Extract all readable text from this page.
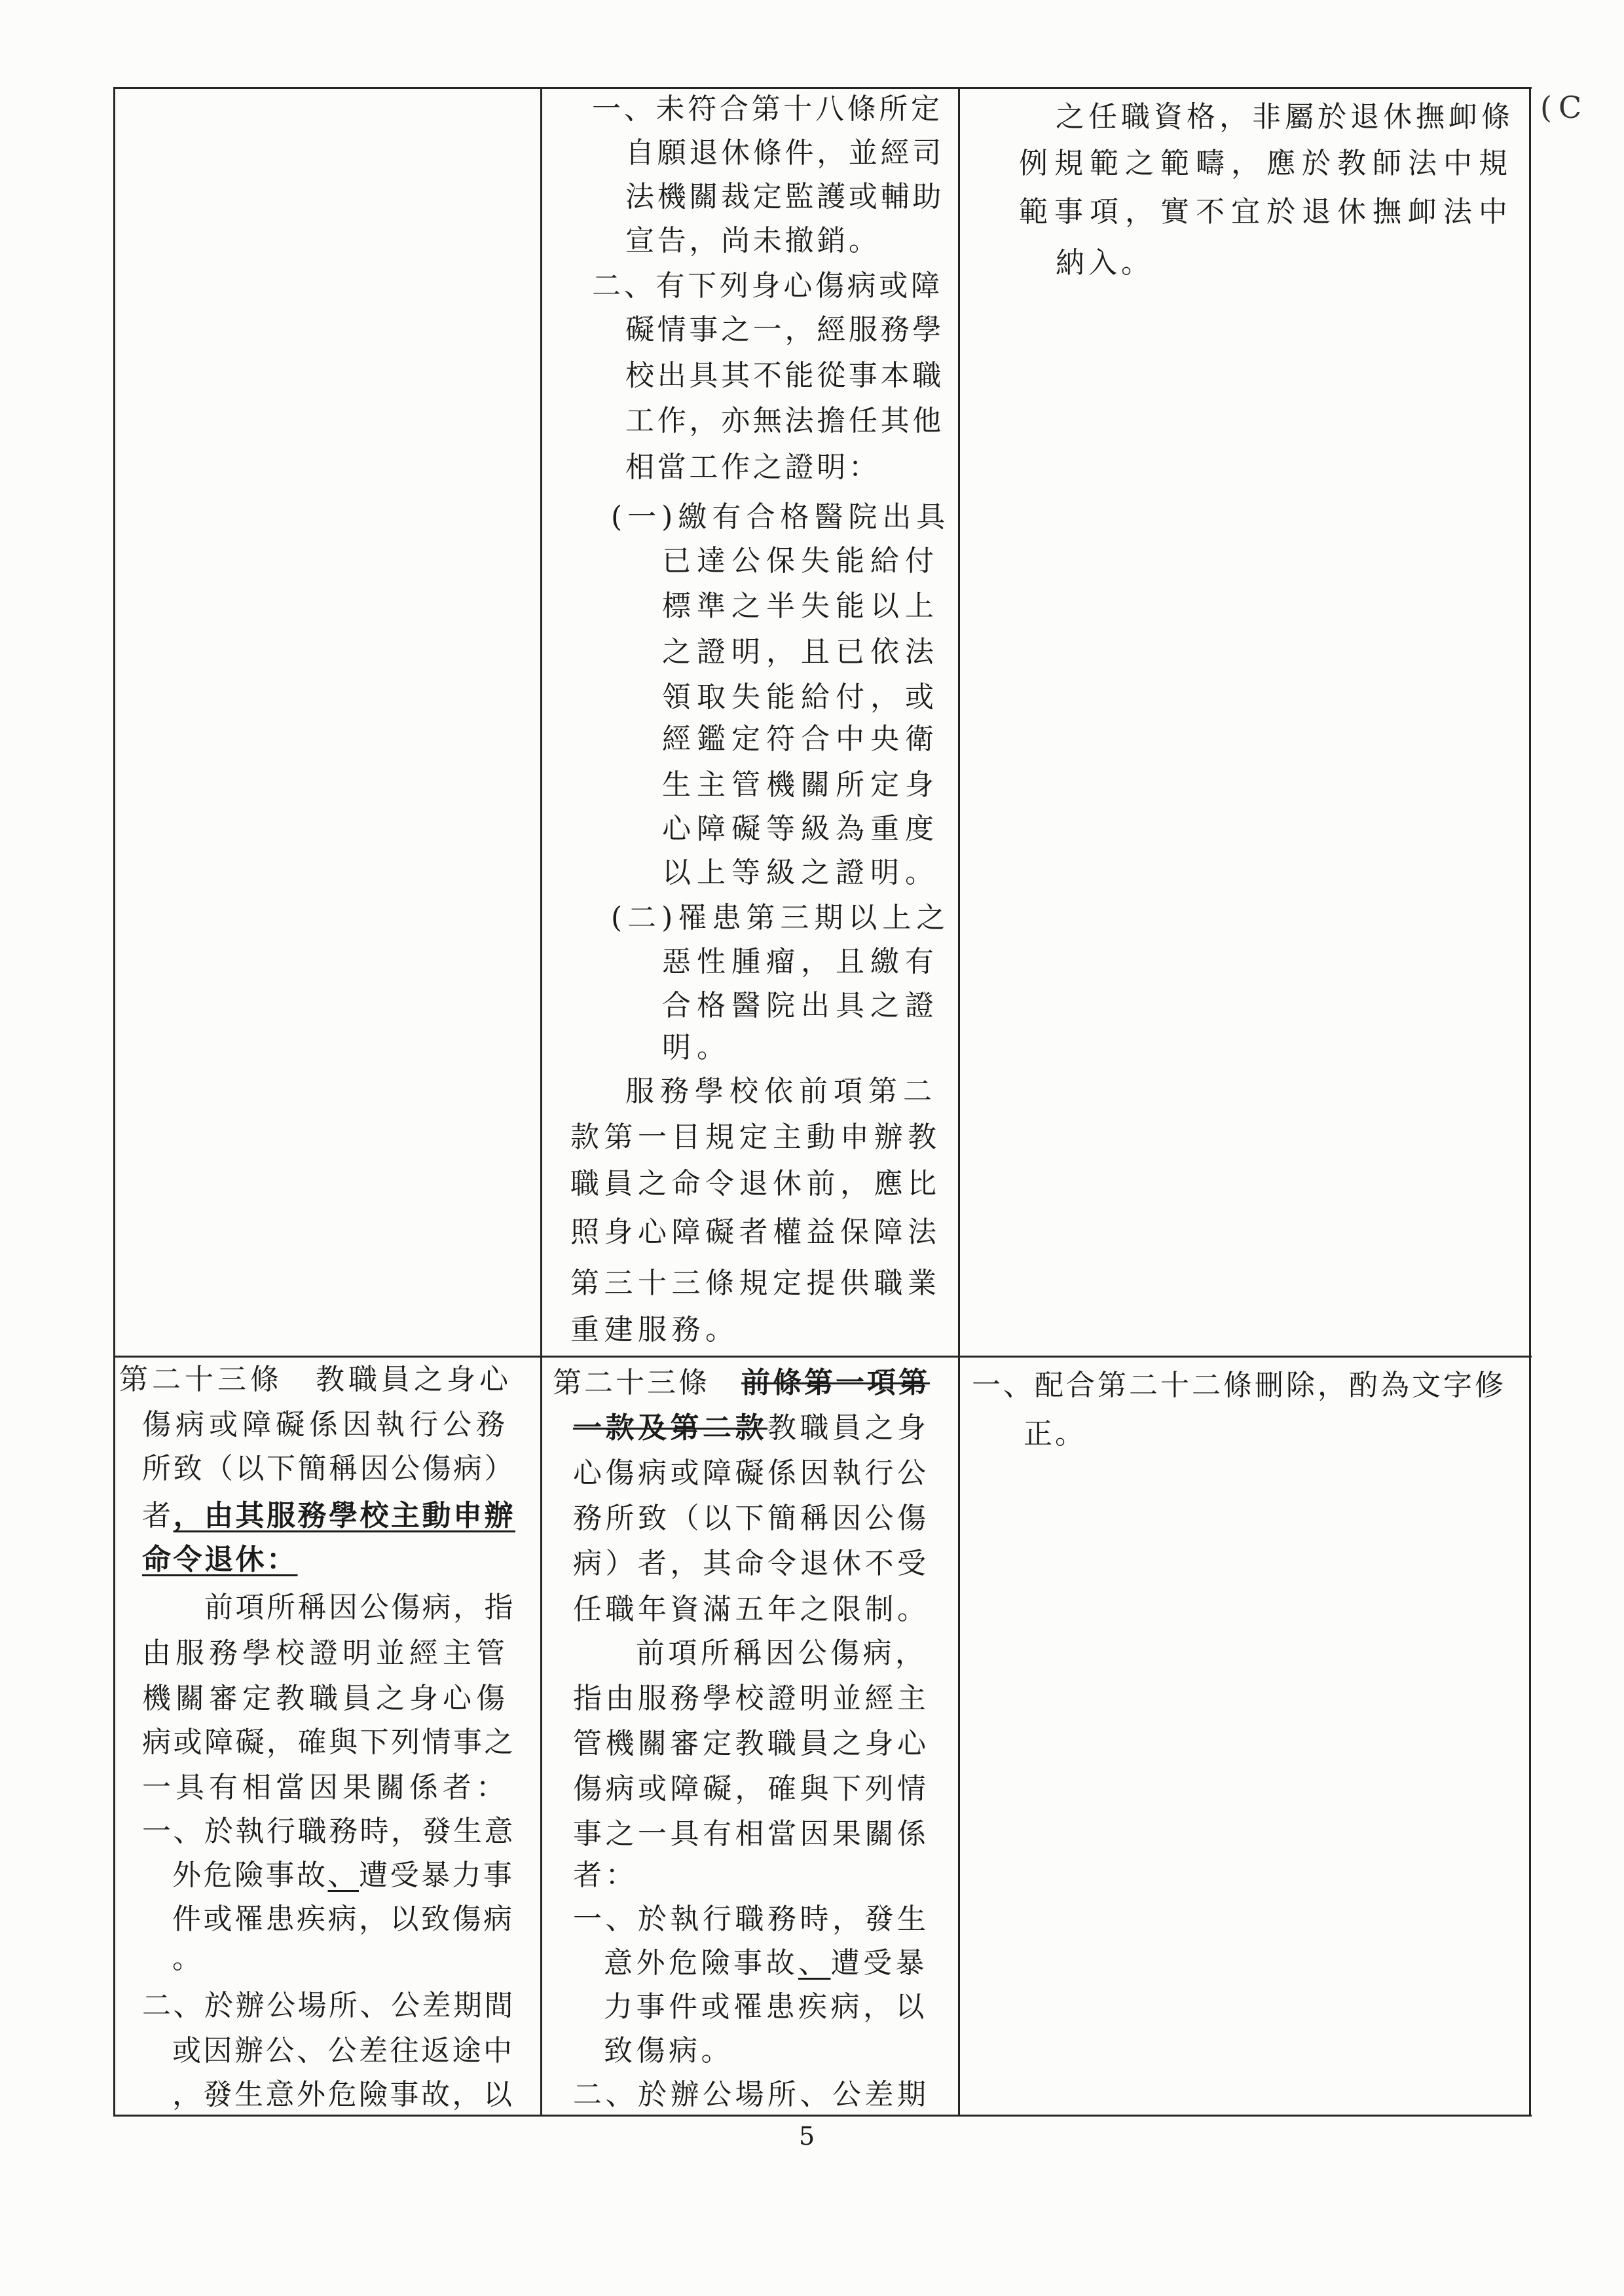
一、未符合第十八條所定
自願退休條件，並經司
法機關裁定監護或輔助
宣告，尚未撤銷。
二、有下列身心傷病或障
礙情事之一，經服務學
校出具其不能從事本職
工作，亦無法擔任其他
相當工作之證明：
(一)繳有合格醫院出具
已達公保失能給付
標準之半失能以上
之證明，且已依法
領取失能給付，或
經鑑定符合中央衛
生主管機關所定身
心障礙等級為重度
以上等級之證明。
(二)罹患第三期以上之
惡性腫瘤，且繳有
合格醫院出具之證
明。
服務學校依前項第二
款第一目規定主動申辦教
職員之命令退休前，應比
照身心障礙者權益保障法
第三十三條規定提供職業
重建服務。
之任職資格，非屬於退休撫卹條
例規範之範疇，應於教師法中規
範事項，實不宜於退休撫卹法中
納入。
第二十三條　教職員之身心
傷病或障礙係因執行公務
所致（以下簡稱因公傷病）
者，由其服務學校主動申辦
命令退休：
前項所稱因公傷病，指
由服務學校證明並經主管
機關審定教職員之身心傷
病或障礙，確與下列情事之
一具有相當因果關係者：
一、於執行職務時，發生意
外危險事故、遭受暴力事
件或罹患疾病，以致傷病
。
二、於辦公場所、公差期間
或因辦公、公差往返途中
，發生意外危險事故，以
第二十三條　前條第一項第
一款及第二款教職員之身
心傷病或障礙係因執行公
務所致（以下簡稱因公傷
病）者，其命令退休不受
任職年資滿五年之限制。
前項所稱因公傷病，
指由服務學校證明並經主
管機關審定教職員之身心
傷病或障礙，確與下列情
事之一具有相當因果關係
者：
一、於執行職務時，發生
意外危險事故、遭受暴
力事件或罹患疾病，以
致傷病。
二、於辦公場所、公差期
一、配合第二十二條刪除，酌為文字修
正。
(C
5
